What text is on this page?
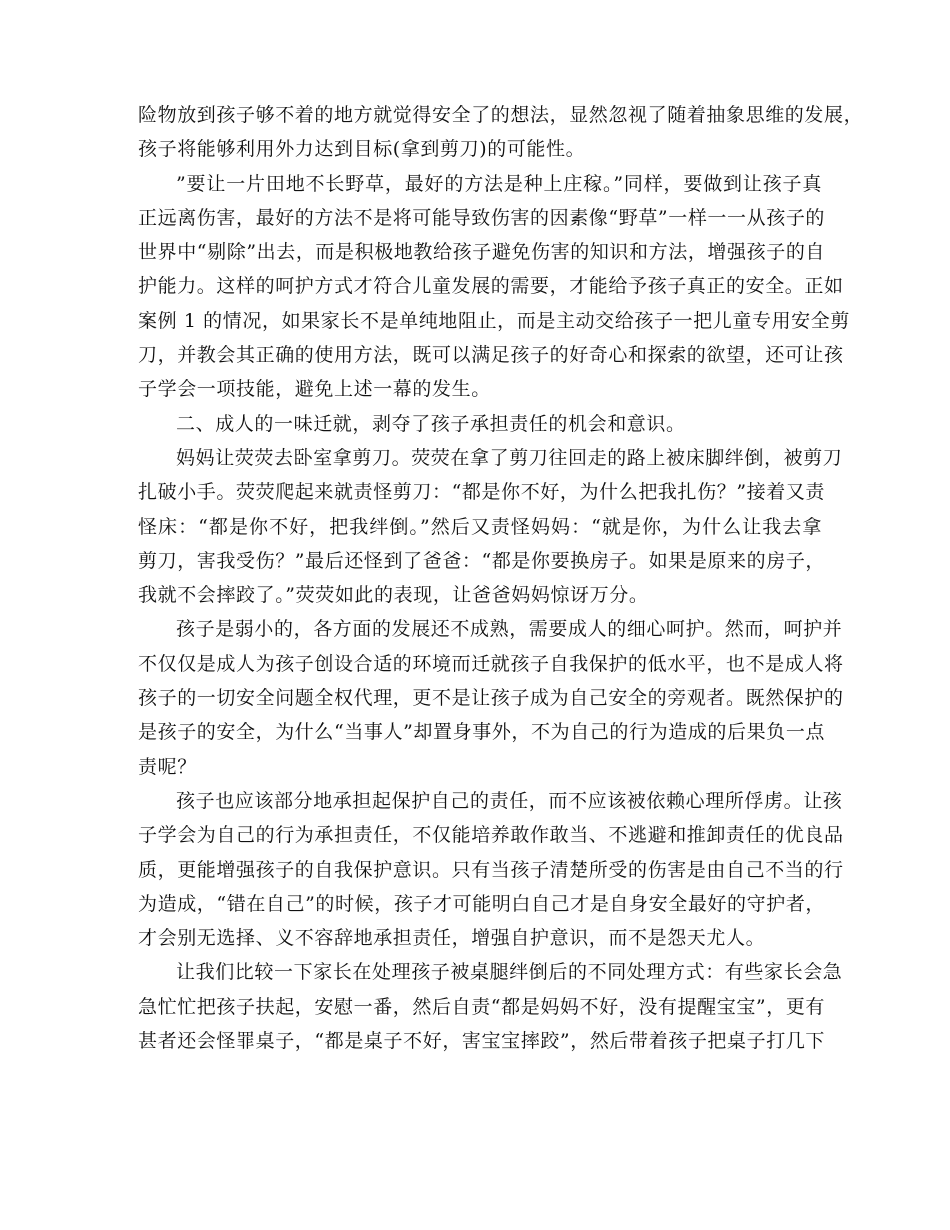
险物放到孩子够不着的地方就觉得安全了的想法，显然忽视了随着抽象思维的发展，
孩子将能够利用外力达到目标(拿到剪刀)的可能性。
”要让一片田地不长野草，最好的方法是种上庄稼。”同样，要做到让孩子真
正远离伤害，最好的方法不是将可能导致伤害的因素像“野草”一样一一从孩子的
世界中“剔除”出去，而是积极地教给孩子避免伤害的知识和方法，增强孩子的自
护能力。这样的呵护方式才符合儿童发展的需要，才能给予孩子真正的安全。正如
案例 1 的情况，如果家长不是单纯地阻止，而是主动交给孩子一把儿童专用安全剪
刀，并教会其正确的使用方法，既可以满足孩子的好奇心和探索的欲望，还可让孩
子学会一项技能，避免上述一幕的发生。
二、成人的一味迁就，剥夺了孩子承担责任的机会和意识。
妈妈让荧荧去卧室拿剪刀。荧荧在拿了剪刀往回走的路上被床脚绊倒，被剪刀
扎破小手。荧荧爬起来就责怪剪刀：“都是你不好，为什么把我扎伤？”接着又责
怪床：“都是你不好，把我绊倒。”然后又责怪妈妈：“就是你，为什么让我去拿
剪刀，害我受伤？”最后还怪到了爸爸：“都是你要换房子。如果是原来的房子，
我就不会摔跤了。”荧荧如此的表现，让爸爸妈妈惊讶万分。
孩子是弱小的，各方面的发展还不成熟，需要成人的细心呵护。然而，呵护并
不仅仅是成人为孩子创设合适的环境而迁就孩子自我保护的低水平，也不是成人将
孩子的一切安全问题全权代理，更不是让孩子成为自己安全的旁观者。既然保护的
是孩子的安全，为什么“当事人”却置身事外，不为自己的行为造成的后果负一点
责呢？
孩子也应该部分地承担起保护自己的责任，而不应该被依赖心理所俘虏。让孩
子学会为自己的行为承担责任，不仅能培养敢作敢当、不逃避和推卸责任的优良品
质，更能增强孩子的自我保护意识。只有当孩子清楚所受的伤害是由自己不当的行
为造成，“错在自己”的时候，孩子才可能明白自己才是自身安全最好的守护者，
才会别无选择、义不容辞地承担责任，增强自护意识，而不是怨天尤人。
让我们比较一下家长在处理孩子被桌腿绊倒后的不同处理方式：有些家长会急
急忙忙把孩子扶起，安慰一番，然后自责“都是妈妈不好，没有提醒宝宝”，更有
甚者还会怪罪桌子，“都是桌子不好，害宝宝摔跤”，然后带着孩子把桌子打几下
